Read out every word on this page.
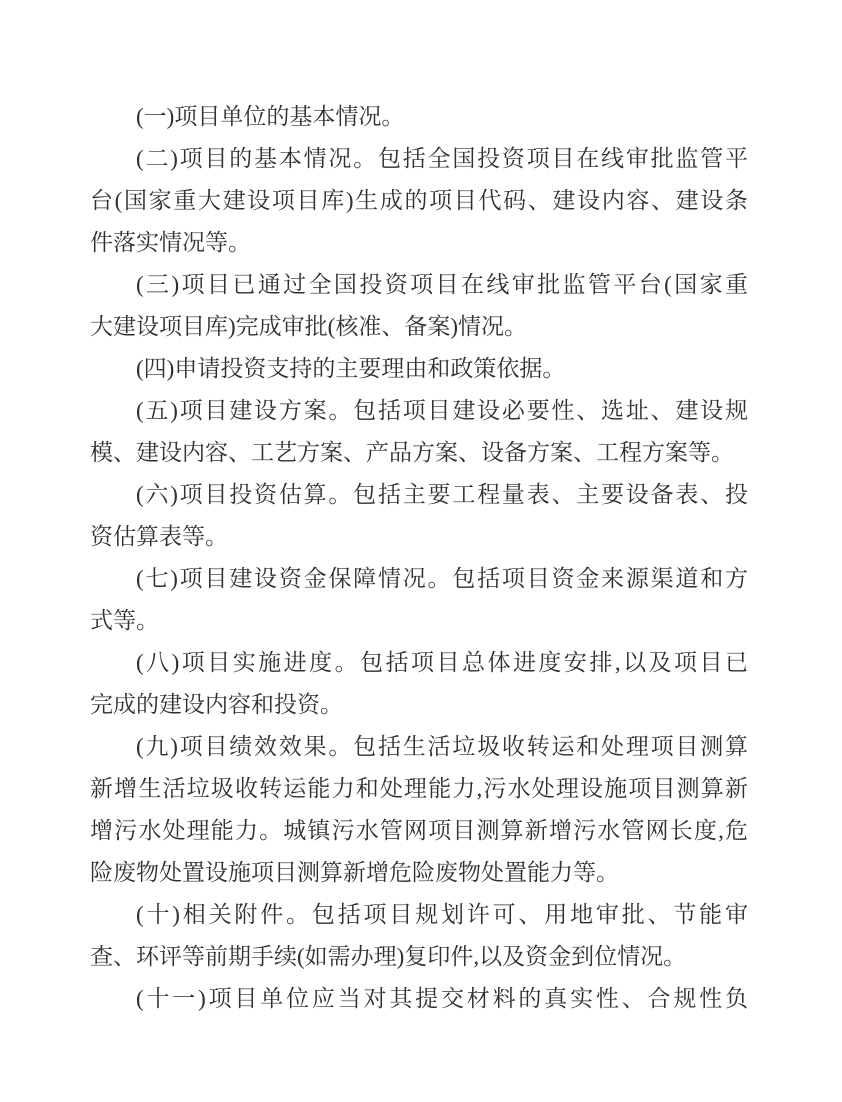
(一)项目单位的基本情况。
(二)项目的基本情况。包括全国投资项目在线审批监管平
台(国家重大建设项目库)生成的项目代码、建设内容、建设条
件落实情况等。
(三)项目已通过全国投资项目在线审批监管平台(国家重
大建设项目库)完成审批(核准、备案)情况。
(四)申请投资支持的主要理由和政策依据。
(五)项目建设方案。包括项目建设必要性、选址、建设规
模、建设内容、工艺方案、产品方案、设备方案、工程方案等。
(六)项目投资估算。包括主要工程量表、主要设备表、投
资估算表等。
(七)项目建设资金保障情况。包括项目资金来源渠道和方
式等。
(八)项目实施进度。包括项目总体进度安排,以及项目已
完成的建设内容和投资。
(九)项目绩效效果。包括生活垃圾收转运和处理项目测算
新增生活垃圾收转运能力和处理能力,污水处理设施项目测算新
增污水处理能力。城镇污水管网项目测算新增污水管网长度,危
险废物处置设施项目测算新增危险废物处置能力等。
(十)相关附件。包括项目规划许可、用地审批、节能审
查、环评等前期手续(如需办理)复印件,以及资金到位情况。
(十一)项目单位应当对其提交材料的真实性、合规性负
